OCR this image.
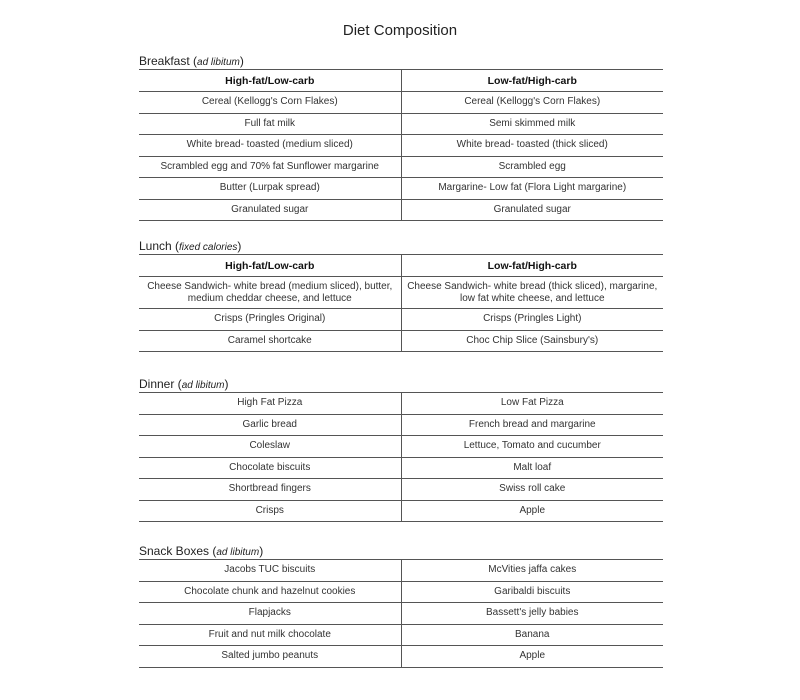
Diet Composition
Breakfast (ad libitum)
High-fat/Low-carb	Low-fat/High-carb
Cereal (Kellogg's Corn Flakes)	Cereal (Kellogg's Corn Flakes)
Full fat milk	Semi skimmed milk
White bread- toasted (medium sliced)	White bread- toasted (thick sliced)
Scrambled egg and 70% fat Sunflower margarine	Scrambled egg
Butter (Lurpak spread)	Margarine- Low fat (Flora Light margarine)
Granulated sugar	Granulated sugar
Lunch (fixed calories)
High-fat/Low-carb	Low-fat/High-carb
Cheese Sandwich- white bread (medium sliced), butter, medium cheddar cheese, and lettuce	Cheese Sandwich- white bread (thick sliced), margarine, low fat white cheese, and lettuce
Crisps (Pringles Original)	Crisps (Pringles Light)
Caramel shortcake	Choc Chip Slice (Sainsbury's)
Dinner (ad libitum)
High Fat Pizza	Low Fat Pizza
Garlic bread	French bread and margarine
Coleslaw	Lettuce, Tomato and cucumber
Chocolate biscuits	Malt loaf
Shortbread fingers	Swiss roll cake
Crisps	Apple
Snack Boxes (ad libitum)
Jacobs TUC biscuits	McVities jaffa cakes
Chocolate chunk and hazelnut cookies	Garibaldi biscuits
Flapjacks	Bassett's jelly babies
Fruit and nut milk chocolate	Banana
Salted jumbo peanuts	Apple
